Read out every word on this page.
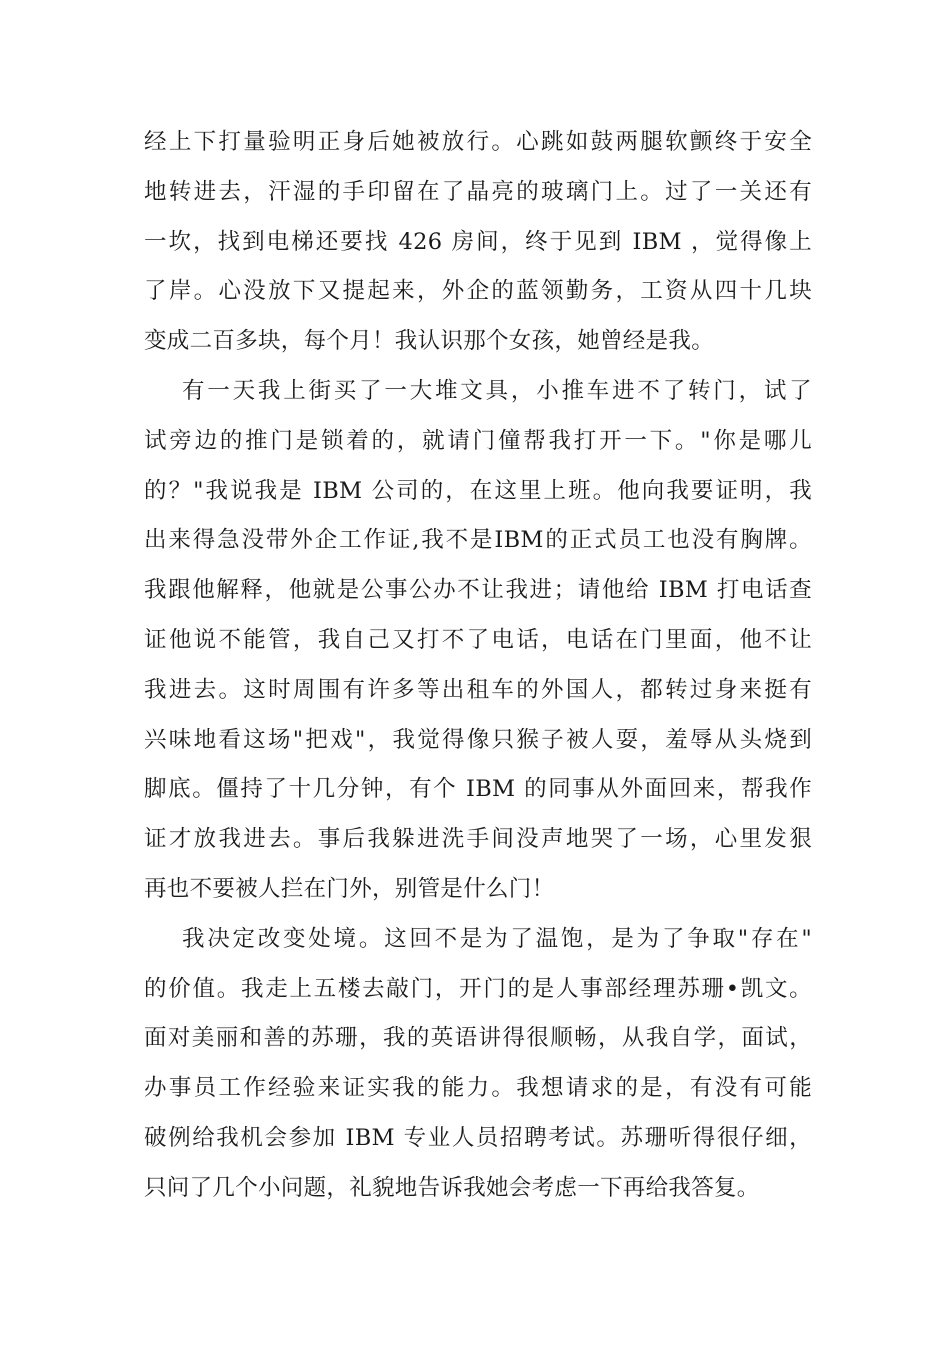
经上下打量验明正身后她被放行。心跳如鼓两腿软颤终于安全
地转进去，汗湿的手印留在了晶亮的玻璃门上。过了一关还有
一坎，找到电梯还要找 426 房间，终于见到 IBM ，觉得像上
了岸。心没放下又提起来，外企的蓝领勤务，工资从四十几块
变成二百多块，每个月！我认识那个女孩，她曾经是我。
有一天我上街买了一大堆文具，小推车进不了转门，试了
试旁边的推门是锁着的，就请门僮帮我打开一下。"你是哪儿
的？"我说我是 IBM 公司的，在这里上班。他向我要证明，我
出来得急没带外企工作证,我不是IBM的正式员工也没有胸牌。
我跟他解释，他就是公事公办不让我进；请他给 IBM 打电话查
证他说不能管，我自己又打不了电话，电话在门里面，他不让
我进去。这时周围有许多等出租车的外国人，都转过身来挺有
兴味地看这场"把戏"，我觉得像只猴子被人耍，羞辱从头烧到
脚底。僵持了十几分钟，有个 IBM 的同事从外面回来，帮我作
证才放我进去。事后我躲进洗手间没声地哭了一场，心里发狠
再也不要被人拦在门外，别管是什么门！
我决定改变处境。这回不是为了温饱，是为了争取"存在"
的价值。我走上五楼去敲门，开门的是人事部经理苏珊•凯文。
面对美丽和善的苏珊，我的英语讲得很顺畅，从我自学，面试，
办事员工作经验来证实我的能力。我想请求的是，有没有可能
破例给我机会参加 IBM 专业人员招聘考试。苏珊听得很仔细，
只问了几个小问题，礼貌地告诉我她会考虑一下再给我答复。
